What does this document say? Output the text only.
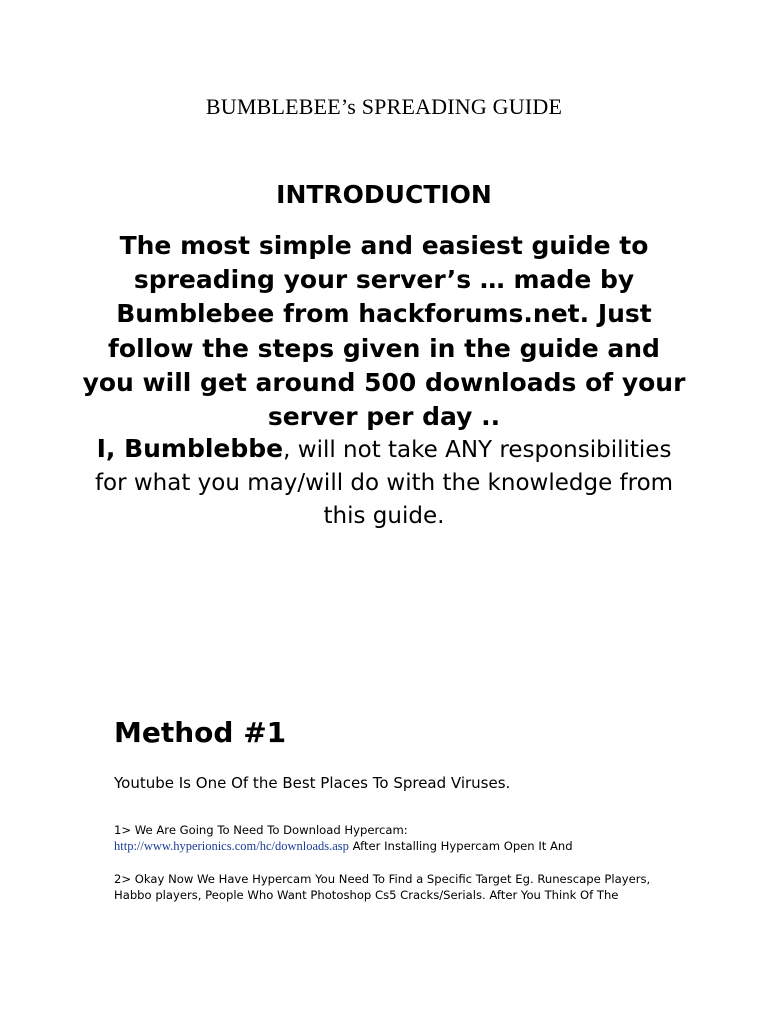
BUMBLEBEE’s SPREADING GUIDE
INTRODUCTION
The most simple and easiest guide to spreading your server’s … made by Bumblebee from hackforums.net. Just follow the steps given in the guide and you will get around 500 downloads of your server per day ..
I, Bumblebbe, will not take ANY responsibilities for what you may/will do with the knowledge from this guide.
Method #1
Youtube Is One Of the Best Places To Spread Viruses.
1> We Are Going To Need To Download Hypercam:
http://www.hyperionics.com/hc/downloads.asp After Installing Hypercam Open It And
2> Okay Now We Have Hypercam You Need To Find a Specific Target Eg. Runescape Players, Habbo players, People Who Want Photoshop Cs5 Cracks/Serials. After You Think Of The
